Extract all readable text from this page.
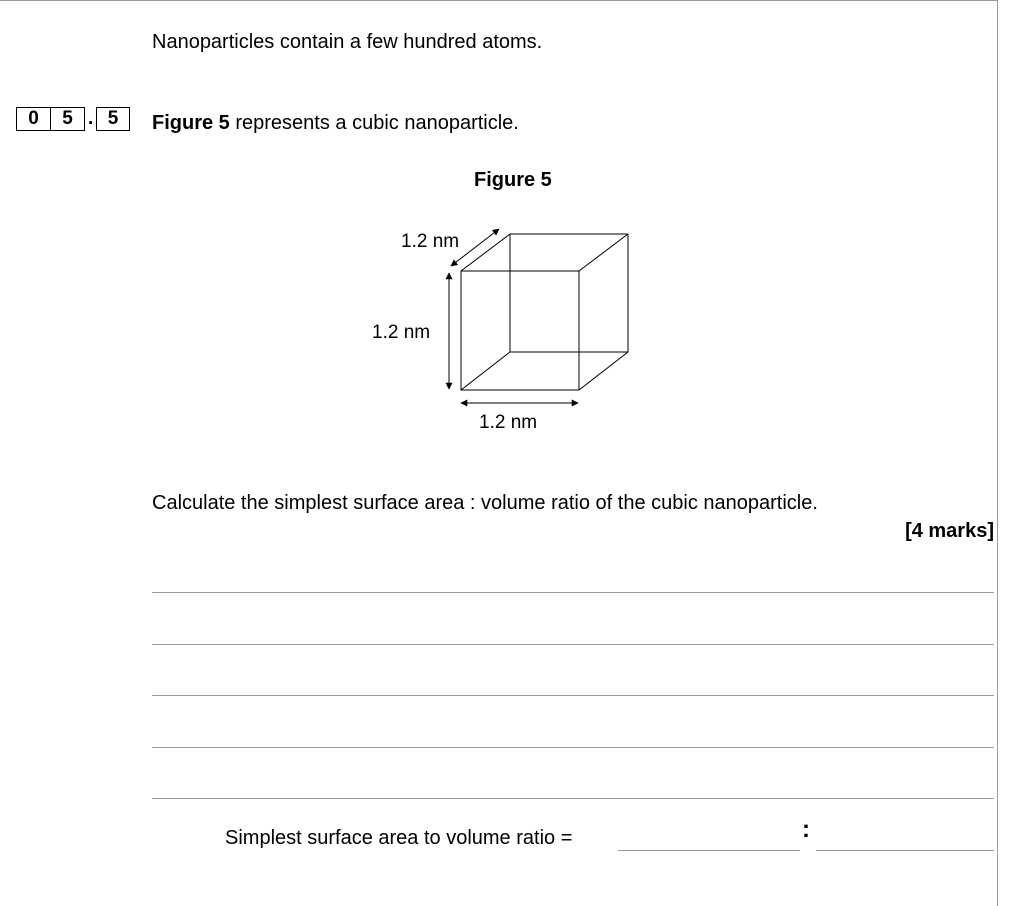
Nanoparticles contain a few hundred atoms.
0	5 . 5	Figure 5 represents a cubic nanoparticle.
Figure 5
1.2 nm
1.2 nm
1.2 nm
Calculate the simplest surface area : volume ratio of the cubic nanoparticle.
[4 marks]
Simplest surface area to volume ratio =	:
